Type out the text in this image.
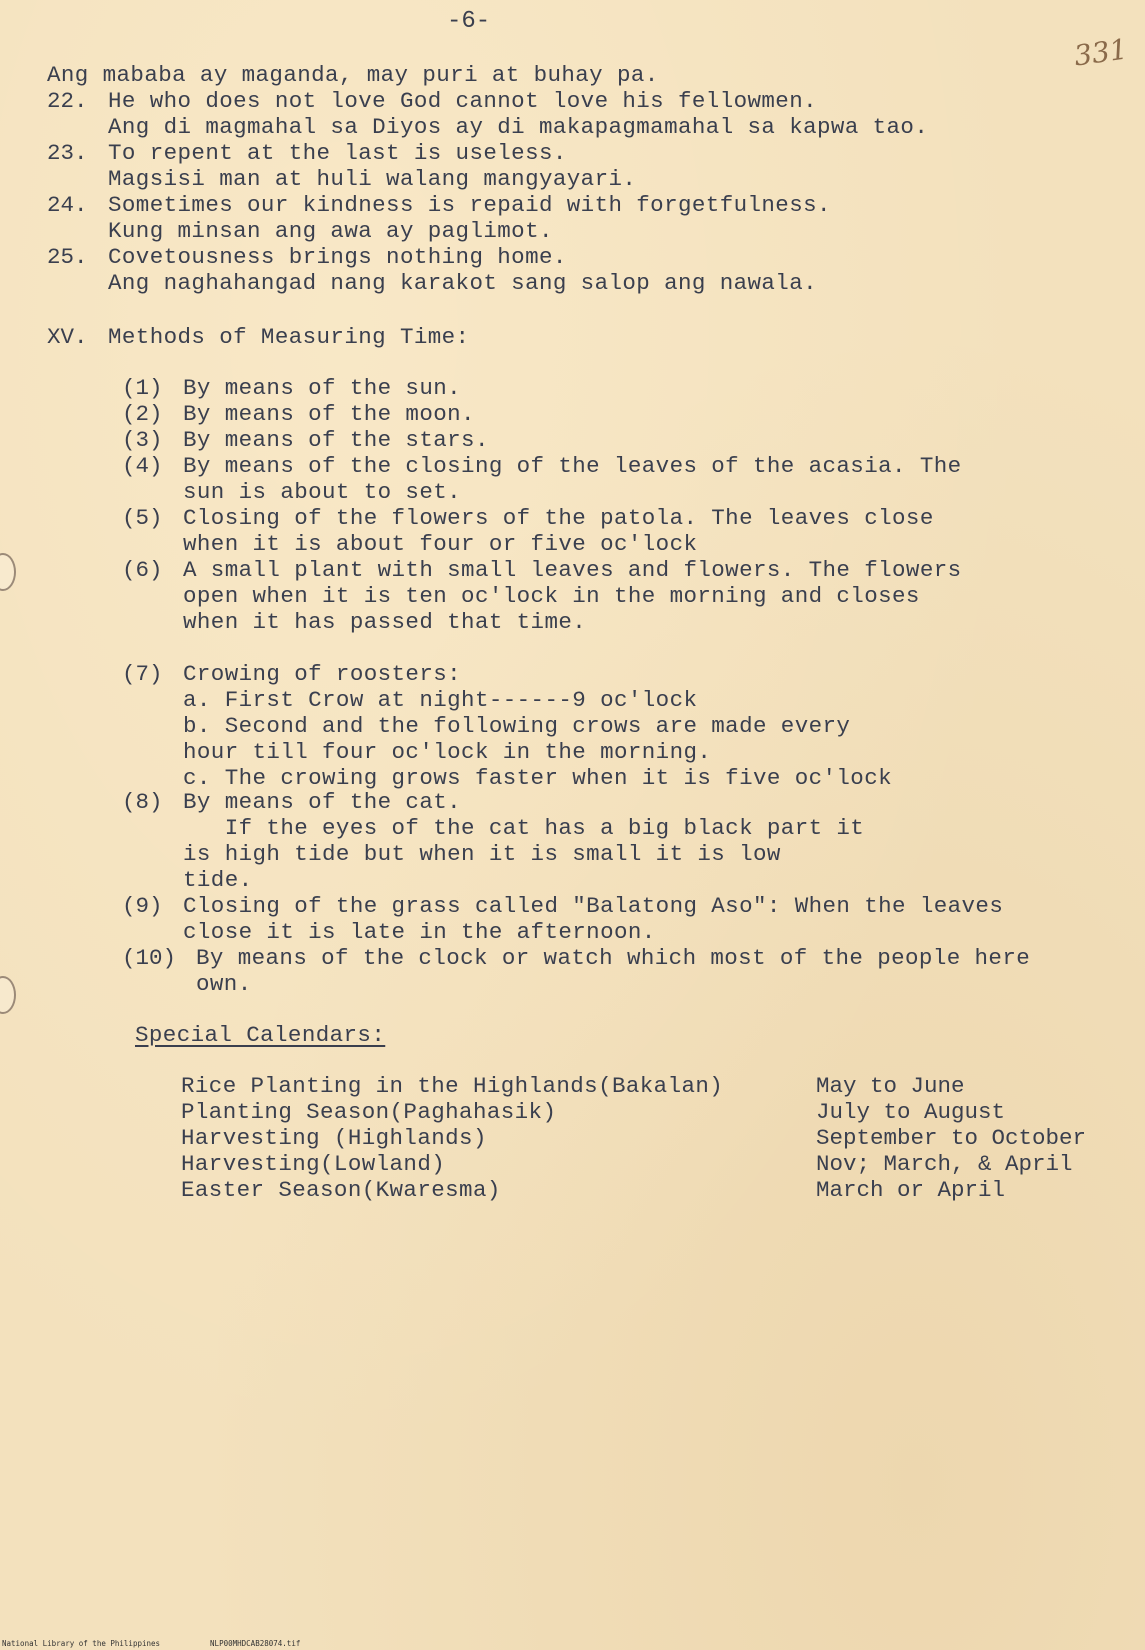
-6-
331
Ang mababa ay maganda, may puri at buhay pa.
22. He who does not love God cannot love his fellowmen.
Ang di magmahal sa Diyos ay di makapagmamahal sa kapwa tao.
23. To repent at the last is useless.
Magsisi man at huli walang mangyayari.
24. Sometimes our kindness is repaid with forgetfulness.
Kung minsan ang awa ay paglimot.
25. Covetousness brings nothing home.
Ang naghahangad nang karakot sang salop ang nawala.
XV. Methods of Measuring Time:
(1) By means of the sun.
(2) By means of the moon.
(3) By means of the stars.
(4) By means of the closing of the leaves of the acasia. The
sun is about to set.
(5) Closing of the flowers of the patola. The leaves close
when it is about four or five oc'lock
(6) A small plant with small leaves and flowers. The flowers
open when it is ten oc'lock in the morning and closes
when it has passed that time.
(7) Crowing of roosters:
a. First Crow at night------9 oc'lock
b. Second and the following crows are made every
hour till four oc'lock in the morning.
c. The crowing grows faster when it is five oc'lock
(8) By means of the cat.
If the eyes of the cat has a big black part it
is high tide but when it is small it is low
tide.
(9) Closing of the grass called "Balatong Aso": When the leaves
close it is late in the afternoon.
(10) By means of the clock or watch which most of the people here
own.
Special Calendars:
Rice Planting in the Highlands(Bakalan)	May to June
Planting Season(Paghahasik)	July to August
Harvesting (Highlands)	September to October
Harvesting(Lowland)	Nov; March, & April
Easter Season(Kwaresma)	March or April
National Library of the Philippines	NLP00MHDCAB28074.tif
